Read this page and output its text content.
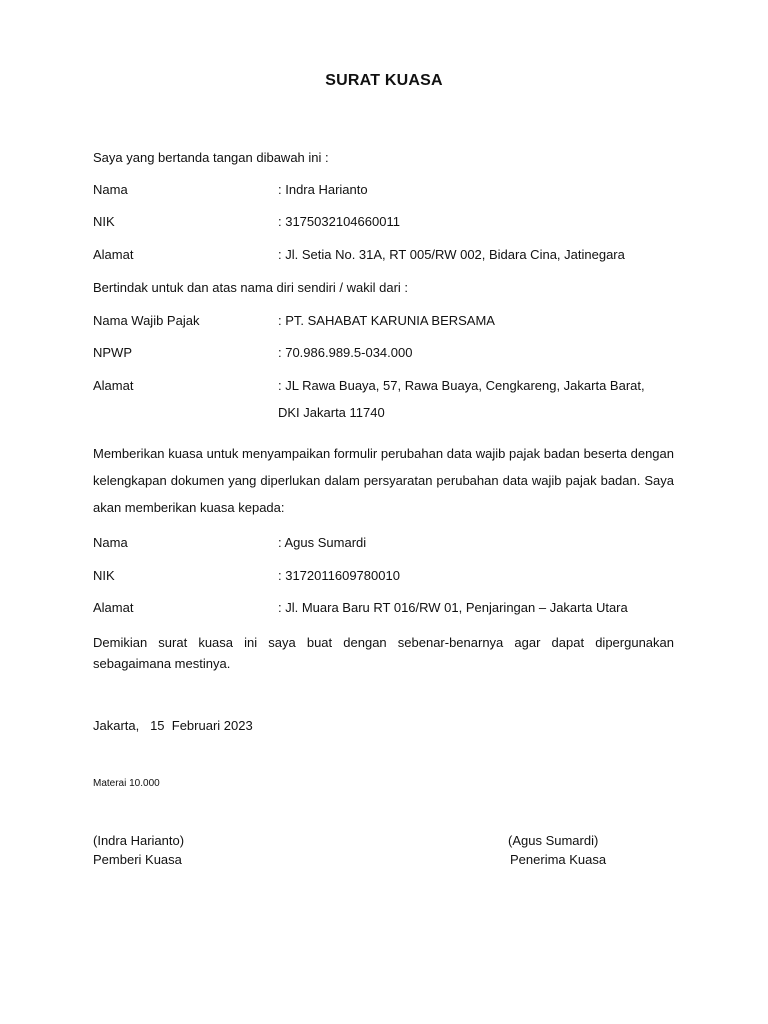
SURAT KUASA
Saya yang bertanda tangan dibawah ini :
Nama	: Indra Harianto
NIK	: 3175032104660011
Alamat	: Jl. Setia No. 31A, RT 005/RW 002, Bidara Cina, Jatinegara
Bertindak untuk dan atas nama diri sendiri / wakil dari :
Nama Wajib Pajak	: PT. SAHABAT KARUNIA BERSAMA
NPWP	: 70.986.989.5-034.000
Alamat	: JL Rawa Buaya, 57, Rawa Buaya, Cengkareng, Jakarta Barat,
DKI Jakarta 11740
Memberikan kuasa untuk menyampaikan formulir perubahan data wajib pajak badan beserta dengan kelengkapan dokumen yang diperlukan dalam persyaratan perubahan data wajib pajak badan. Saya akan memberikan kuasa kepada:
Nama	: Agus Sumardi
NIK	: 3172011609780010
Alamat	: Jl. Muara Baru RT 016/RW 01, Penjaringan – Jakarta Utara
Demikian surat kuasa ini saya buat dengan sebenar-benarnya agar dapat dipergunakan sebagaimana mestinya.
Jakarta,   15  Februari 2023
Materai 10.000
(Indra Harianto)
Pemberi Kuasa
(Agus Sumardi)
Penerima Kuasa
